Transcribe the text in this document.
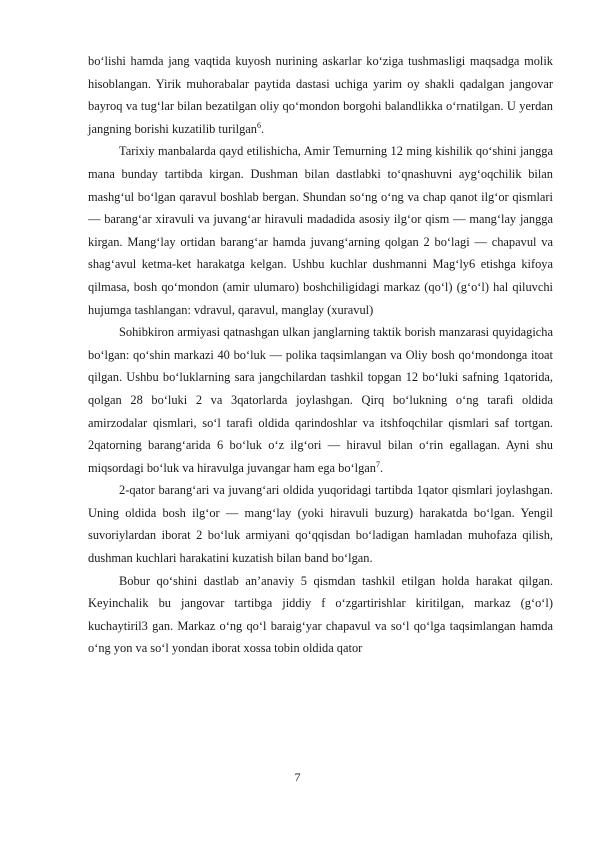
bo‘lishi hamda jang vaqtida kuyosh nurining askarlar ko‘ziga tushmasligi maqsadga molik hisoblangan. Yirik muhorabalar paytida dastasi uchiga yarim oy shakli qadalgan jangovar bayroq va tug‘lar bilan bezatilgan oliy qo‘mondon borgohi balandlikka o‘rnatilgan. U yerdan jangning borishi kuzatilib turilgan$^6$.

Tarixiy manbalarda qayd etilishicha, Amir Temurning 12 ming kishilik qo‘shini jangga mana bunday tartibda kirgan. Dushman bilan dastlabki to‘qnashuvni ayg‘oqchilik bilan mashg‘ul bo‘lgan qaravul boshlab bergan. Shundan so‘ng o‘ng va chap qanot ilg‘or qismlari — barang‘ar xiravuli va juvang‘ar hiravuli madadida asosiy ilg‘or qism — mang‘lay jangga kirgan. Mang‘lay ortidan barang‘ar hamda juvang‘arning qolgan 2 bo‘lagi — chapavul va shag‘avul ketma-ket harakatga kelgan. Ushbu kuchlar dushmanni Mag‘ly6 etishga kifoya qilmasa, bosh qo‘mondon (amir ulumaro) boshchiligidagi markaz (qo‘l) (g‘o‘l) hal qiluvchi hujumga tashlangan: vdravul, qaravul, manglay (xuravul)

Sohibkiron armiyasi qatnashgan ulkan janglarning taktik borish manzarasi quyidagicha bo‘lgan: qo‘shin markazi 40 bo‘luk — polika taqsimlangan va Oliy bosh qo‘mondonga itoat qilgan. Ushbu bo‘luklarning sara jangchilardan tashkil topgan 12 bo‘luki safning 1qatorida, qolgan 28 bo‘luki 2 va 3qatorlarda joylashgan. Qirq bo‘lukning o‘ng tarafi oldida amirzodalar qismlari, so‘l tarafi oldida qarindoshlar va itshfoqchilar qismlari saf tortgan. 2qatorning barang‘arida 6 bo‘luk o‘z ilg‘ori — hiravul bilan o‘rin egallagan. Ayni shu miqsordagi bo‘luk va hiravulga juvangar ham ega bo‘lgan$^7$.

2-qator barang‘ari va juvang‘ari oldida yuqoridagi tartibda 1qator qismlari joylashgan. Uning oldida bosh ilg‘or — mang‘lay (yoki hiravuli buzurg) harakatda bo‘lgan. Yengil suvoriylardan iborat 2 bo‘luk armiyani qo‘qqisdan bo‘ladigan hamladan muhofaza qilish, dushman kuchlari harakatini kuzatish bilan band bo‘lgan.

Bobur qo‘shini dastlab an’anaviy 5 qismdan tashkil etilgan holda harakat qilgan. Keyinchalik bu jangovar tartibga jiddiy f o‘zgartirishlar kiritilgan, markaz (g‘o‘l) kuchaytiril3 gan. Markaz o‘ng qo‘l baraig‘yar chapavul va so‘l qo‘lga taqsimlangan hamda o‘ng yon va so‘l yondan iborat xossa tobin oldida qator

7
